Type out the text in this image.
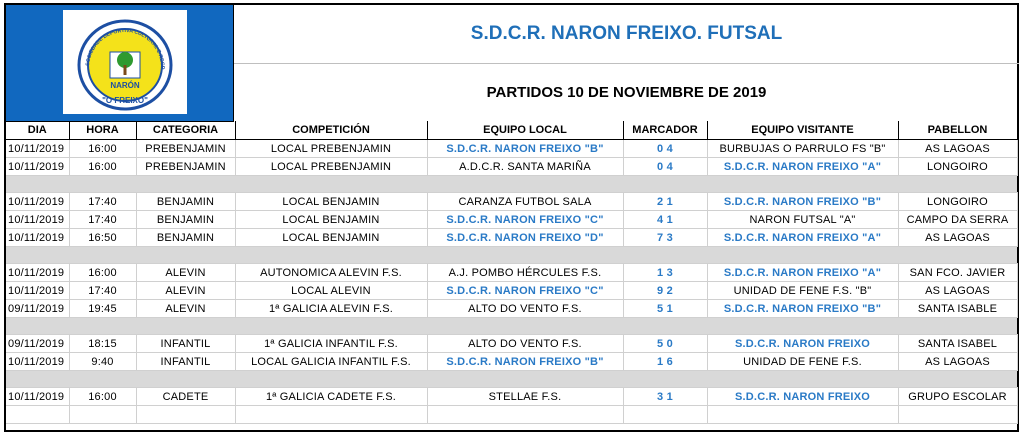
SOCIEDADE DEPORTIVA CULTURAL E RECR
NARÓN
"O FREIXO"
S.D.C.R. NARON FREIXO. FUTSAL
PARTIDOS 10 DE NOVIEMBRE DE 2019
DIA	HORA	CATEGORIA	COMPETICIÓN	EQUIPO LOCAL	MARCADOR	EQUIPO VISITANTE	PABELLON
10/11/2019	16:00	PREBENJAMIN	LOCAL PREBENJAMIN	S.D.C.R. NARON FREIXO "B"	0 4	BURBUJAS O PARRULO FS "B"	AS LAGOAS
10/11/2019	16:00	PREBENJAMIN	LOCAL PREBENJAMIN	A.D.C.R. SANTA MARIÑA	0 4	S.D.C.R. NARON FREIXO "A"	LONGOIRO

10/11/2019	17:40	BENJAMIN	LOCAL BENJAMIN	CARANZA FUTBOL SALA	2 1	S.D.C.R. NARON FREIXO "B"	LONGOIRO
10/11/2019	17:40	BENJAMIN	LOCAL BENJAMIN	S.D.C.R. NARON FREIXO "C"	4 1	NARON FUTSAL "A"	CAMPO DA SERRA
10/11/2019	16:50	BENJAMIN	LOCAL BENJAMIN	S.D.C.R. NARON FREIXO "D"	7 3	S.D.C.R. NARON FREIXO "A"	AS LAGOAS

10/11/2019	16:00	ALEVIN	AUTONOMICA ALEVIN F.S.	A.J. POMBO HÉRCULES F.S.	1 3	S.D.C.R. NARON FREIXO "A"	SAN FCO. JAVIER
10/11/2019	17:40	ALEVIN	LOCAL ALEVIN	S.D.C.R. NARON FREIXO "C"	9 2	UNIDAD DE FENE F.S. "B"	AS LAGOAS
09/11/2019	19:45	ALEVIN	1ª GALICIA ALEVIN F.S.	ALTO DO VENTO F.S.	5 1	S.D.C.R. NARON FREIXO "B"	SANTA ISABLE

09/11/2019	18:15	INFANTIL	1ª GALICIA INFANTIL F.S.	ALTO DO VENTO F.S.	5 0	S.D.C.R. NARON FREIXO	SANTA ISABEL
10/11/2019	9:40	INFANTIL	LOCAL GALICIA INFANTIL F.S.	S.D.C.R. NARON FREIXO "B"	1 6	UNIDAD DE FENE F.S.	AS LAGOAS

10/11/2019	16:00	CADETE	1ª GALICIA CADETE F.S.	STELLAE F.S.	3 1	S.D.C.R. NARON FREIXO	GRUPO ESCOLAR
